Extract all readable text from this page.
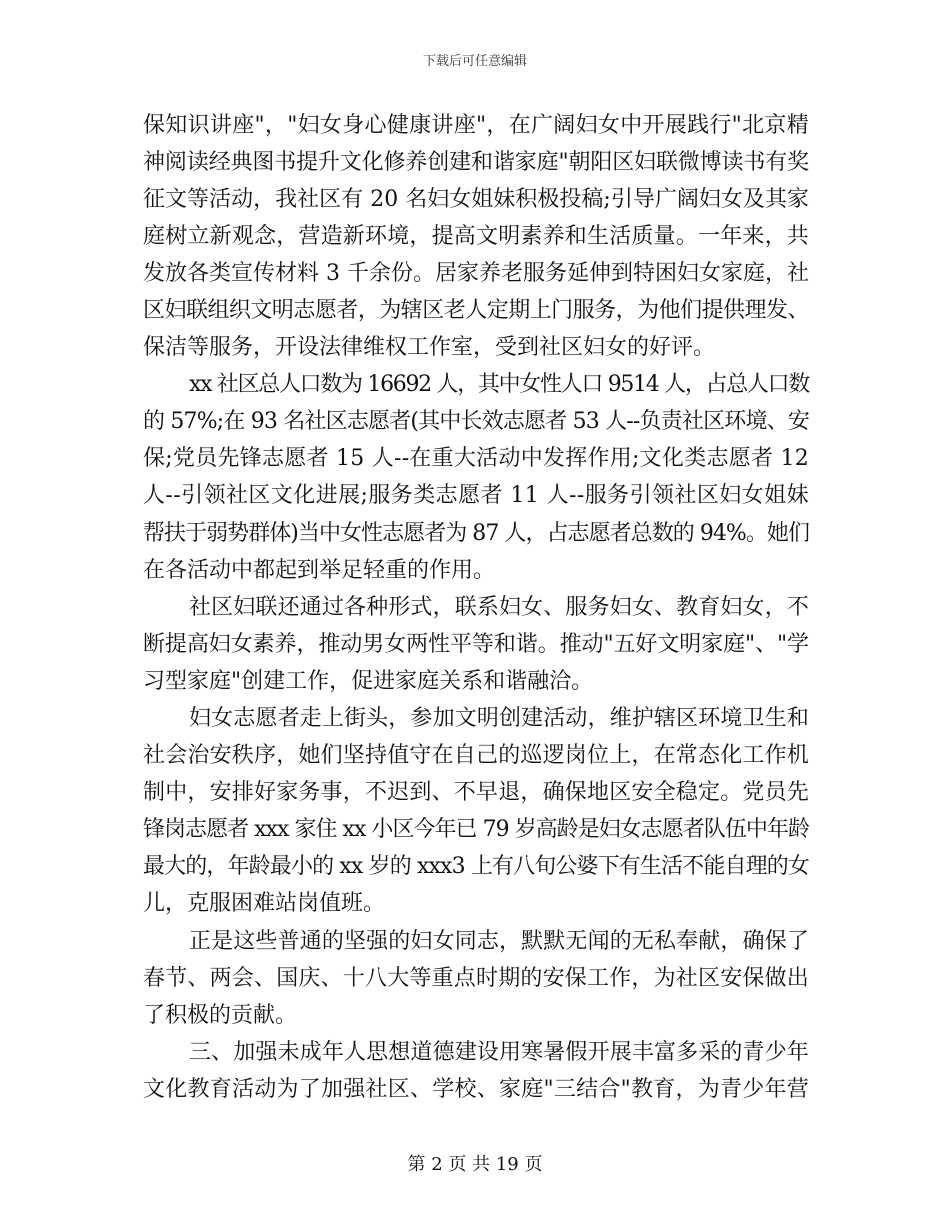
下载后可任意编辑
保知识讲座"，"妇女身心健康讲座"，在广阔妇女中开展践行"北京精
神阅读经典图书提升文化修养创建和谐家庭"朝阳区妇联微博读书有奖
征文等活动，我社区有 20 名妇女姐妹积极投稿;引导广阔妇女及其家
庭树立新观念，营造新环境，提高文明素养和生活质量。一年来，共
发放各类宣传材料 3 千余份。居家养老服务延伸到特困妇女家庭，社
区妇联组织文明志愿者，为辖区老人定期上门服务，为他们提供理发、
保洁等服务，开设法律维权工作室，受到社区妇女的好评。
xx 社区总人口数为 16692 人，其中女性人口 9514 人，占总人口数
的 57%;在 93 名社区志愿者(其中长效志愿者 53 人--负责社区环境、安
保;党员先锋志愿者 15 人--在重大活动中发挥作用;文化类志愿者 12
人--引领社区文化进展;服务类志愿者 11 人--服务引领社区妇女姐妹
帮扶于弱势群体)当中女性志愿者为 87 人，占志愿者总数的 94%。她们
在各活动中都起到举足轻重的作用。
社区妇联还通过各种形式，联系妇女、服务妇女、教育妇女，不
断提高妇女素养，推动男女两性平等和谐。推动"五好文明家庭"、"学
习型家庭"创建工作，促进家庭关系和谐融洽。
妇女志愿者走上街头，参加文明创建活动，维护辖区环境卫生和
社会治安秩序，她们坚持值守在自己的巡逻岗位上，在常态化工作机
制中，安排好家务事，不迟到、不早退，确保地区安全稳定。党员先
锋岗志愿者 xxx 家住 xx 小区今年已 79 岁高龄是妇女志愿者队伍中年龄
最大的，年龄最小的 xx 岁的 xxx3 上有八旬公婆下有生活不能自理的女
儿，克服困难站岗值班。
正是这些普通的坚强的妇女同志，默默无闻的无私奉献，确保了
春节、两会、国庆、十八大等重点时期的安保工作，为社区安保做出
了积极的贡献。
三、加强未成年人思想道德建设用寒暑假开展丰富多采的青少年
文化教育活动为了加强社区、学校、家庭"三结合"教育，为青少年营
第 2 页 共 19 页
